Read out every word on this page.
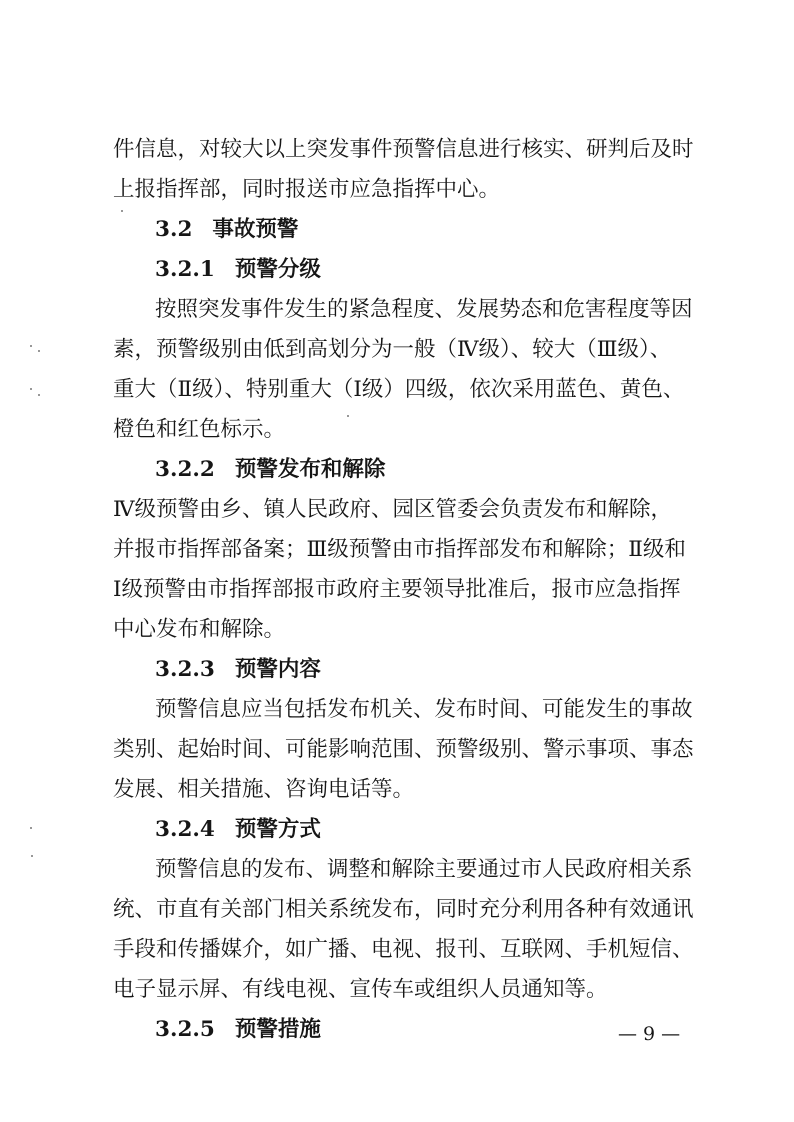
件信息，对较大以上突发事件预警信息进行核实、研判后及时
上报指挥部，同时报送市应急指挥中心。
3.2 事故预警
3.2.1 预警分级
按照突发事件发生的紧急程度、发展势态和危害程度等因
素，预警级别由低到高划分为一般（Ⅳ级）、较大（Ⅲ级）、
重大（Ⅱ级）、特别重大（Ⅰ级）四级，依次采用蓝色、黄色、
橙色和红色标示。
3.2.2 预警发布和解除
Ⅳ级预警由乡、镇人民政府、园区管委会负责发布和解除，
并报市指挥部备案；Ⅲ级预警由市指挥部发布和解除；Ⅱ级和
Ⅰ级预警由市指挥部报市政府主要领导批准后，报市应急指挥
中心发布和解除。
3.2.3 预警内容
预警信息应当包括发布机关、发布时间、可能发生的事故
类别、起始时间、可能影响范围、预警级别、警示事项、事态
发展、相关措施、咨询电话等。
3.2.4 预警方式
预警信息的发布、调整和解除主要通过市人民政府相关系
统、市直有关部门相关系统发布，同时充分利用各种有效通讯
手段和传播媒介，如广播、电视、报刊、互联网、手机短信、
电子显示屏、有线电视、宣传车或组织人员通知等。
3.2.5 预警措施	— 9 —
